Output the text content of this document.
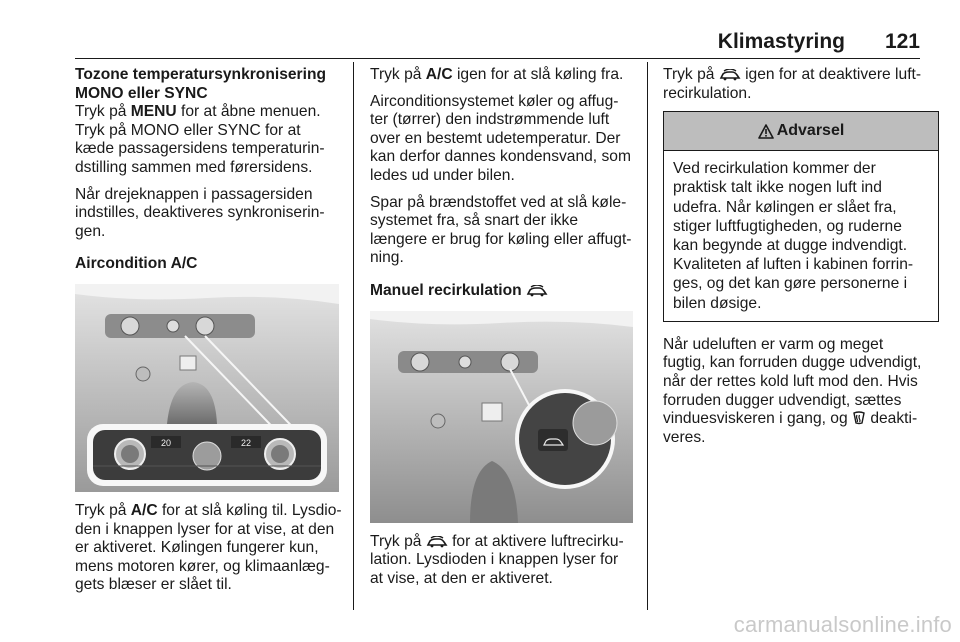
Klimastyring 121

Tozone temperatursynkronisering
MONO eller SYNC

Tryk på MENU for at åbne menuen.
Tryk på MONO eller SYNC for at
kæde passagersidens temperaturin-
dstilling sammen med førersidens.

Når drejeknappen i passagersiden
indstilles, deaktiveres synkroniserin-
gen.

Aircondition A/C

20	22

Tryk på A/C for at slå køling til. Lysdio-
den i knappen lyser for at vise, at den
er aktiveret. Kølingen fungerer kun,
mens motoren kører, og klimaanlæg-
gets blæser er slået til.

Tryk på A/C igen for at slå køling fra.

Airconditionsystemet køler og affug-
ter (tørrer) den indstrømmende luft
over en bestemt udetemperatur. Der
kan derfor dannes kondensvand, som
ledes ud under bilen.

Spar på brændstoffet ved at slå køle-
systemet fra, så snart der ikke
længere er brug for køling eller affugt-
ning.

Manuel recirkulation

Tryk på  for at aktivere luftrecirku-
lation. Lysdioden i knappen lyser for
at vise, at den er aktiveret.

Tryk på  igen for at deaktivere luft-
recirkulation.

Advarsel
Ved recirkulation kommer der
praktisk talt ikke nogen luft ind
udefra. Når kølingen er slået fra,
stiger luftfugtigheden, og ruderne
kan begynde at dugge indvendigt.
Kvaliteten af luften i kabinen forrin-
ges, og det kan gøre personerne i
bilen døsige.

Når udeluften er varm og meget
fugtig, kan forruden dugge udvendigt,
når der rettes kold luft mod den. Hvis
forruden dugger udvendigt, sættes
vinduesviskeren i gang, og  deakti-
veres.

carmanualsonline.info
